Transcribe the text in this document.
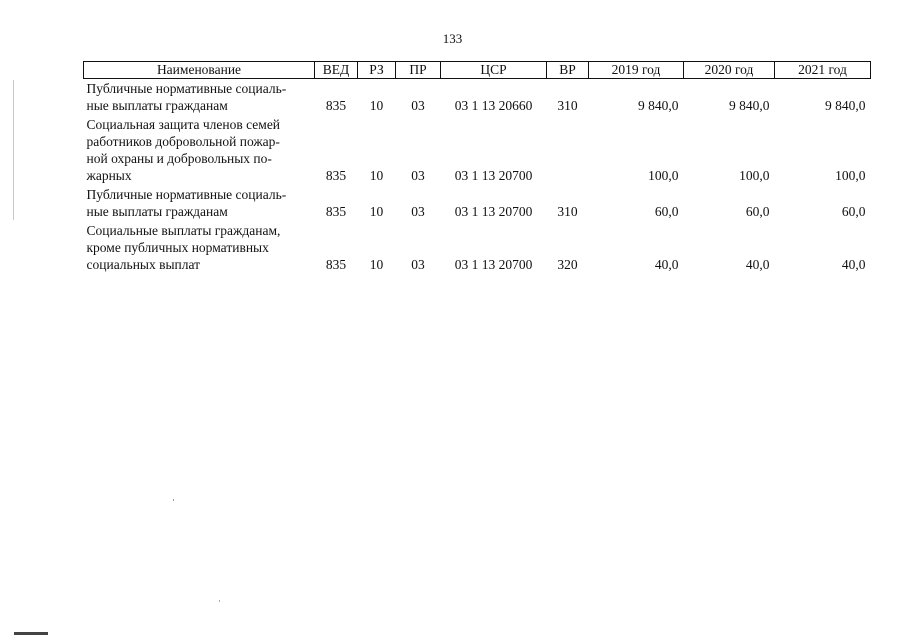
133
Наименование	ВЕД	РЗ	ПР	ЦСР	ВР	2019 год	2020 год	2021 год

Публичные нормативные социаль-
ные выплаты гражданам	835	10	03	03 1 13 20660	310	9 840,0	9 840,0	9 840,0

Социальная защита членов семей
работников добровольной пожар-
ной охраны и добровольных по-
жарных	835	10	03	03 1 13 20700		100,0	100,0	100,0

Публичные нормативные социаль-
ные выплаты гражданам	835	10	03	03 1 13 20700	310	60,0	60,0	60,0

Социальные выплаты гражданам,
кроме публичных нормативных
социальных выплат	835	10	03	03 1 13 20700	320	40,0	40,0	40,0
